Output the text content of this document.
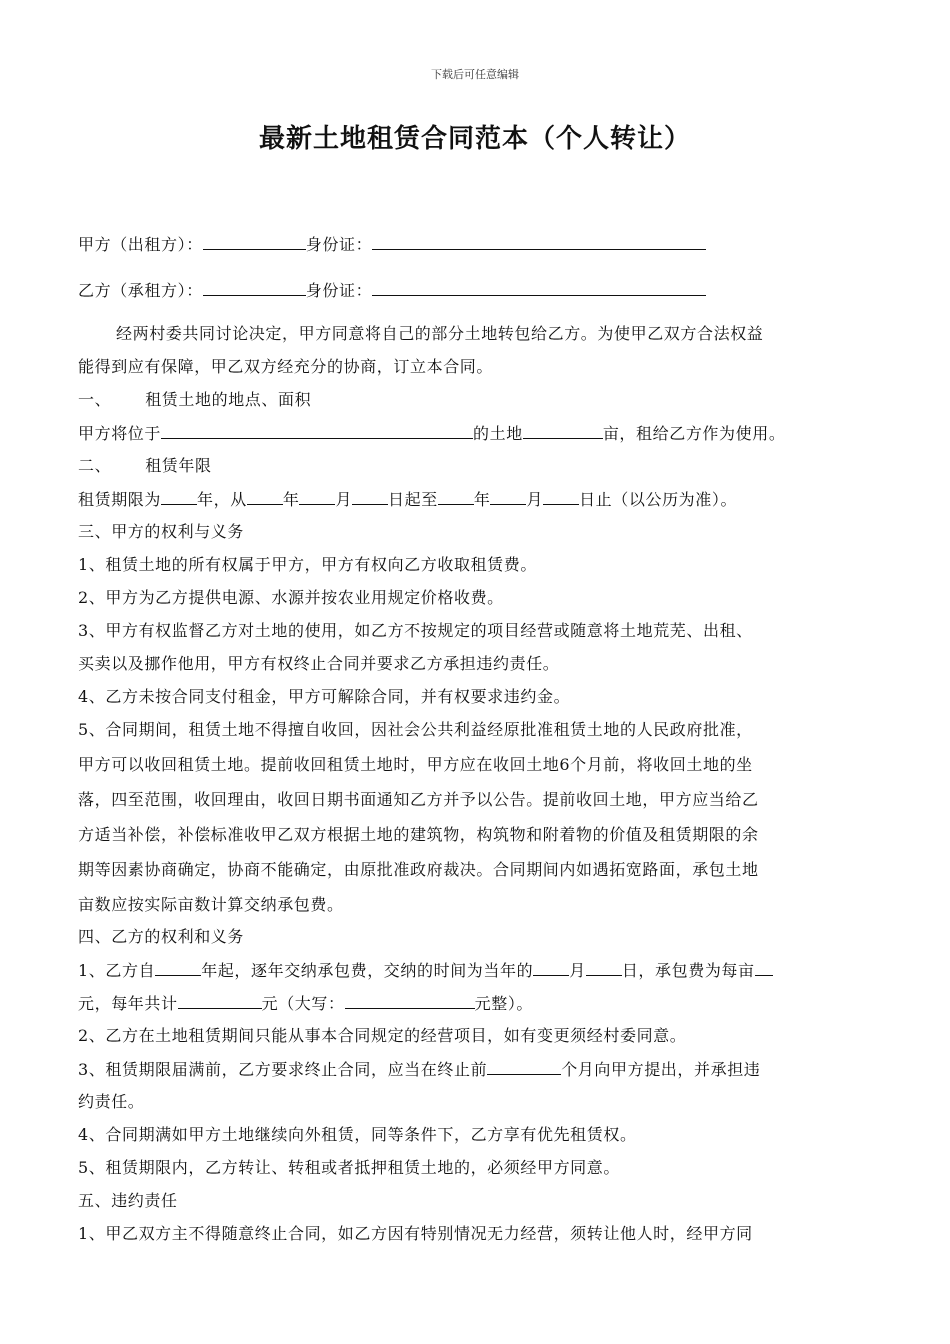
下载后可任意编辑
最新土地租赁合同范本（个人转让）
甲方（出租方）：	身份证：
乙方（承租方）：	身份证：
经两村委共同讨论决定，甲方同意将自己的部分土地转包给乙方。为使甲乙双方合法权益
能得到应有保障，甲乙双方经充分的协商，订立本合同。
一、 租赁土地的地点、面积
甲方将位于	的土地	亩，租给乙方作为使用。
二、 租赁年限
租赁期限为 年，从 年 月 日起至 年 月 日止（以公历为准）。
三、甲方的权利与义务
1、租赁土地的所有权属于甲方，甲方有权向乙方收取租赁费。
2、甲方为乙方提供电源、水源并按农业用规定价格收费。
3、甲方有权监督乙方对土地的使用，如乙方不按规定的项目经营或随意将土地荒芜、出租、
买卖以及挪作他用，甲方有权终止合同并要求乙方承担违约责任。
4、乙方未按合同支付租金，甲方可解除合同，并有权要求违约金。
5、合同期间，租赁土地不得擅自收回，因社会公共利益经原批准租赁土地的人民政府批准，
甲方可以收回租赁土地。提前收回租赁土地时，甲方应在收回土地6个月前，将收回土地的坐
落，四至范围，收回理由，收回日期书面通知乙方并予以公告。提前收回土地，甲方应当给乙
方适当补偿，补偿标准收甲乙双方根据土地的建筑物，构筑物和附着物的价值及租赁期限的余
期等因素协商确定，协商不能确定，由原批准政府裁决。合同期间内如遇拓宽路面，承包土地
亩数应按实际亩数计算交纳承包费。
四、乙方的权利和义务
1、乙方自	年起，逐年交纳承包费，交纳的时间为当年的 月 日，承包费为每亩
元，每年共计	元（大写：	元整）。
2、乙方在土地租赁期间只能从事本合同规定的经营项目，如有变更须经村委同意。
3、租赁期限届满前，乙方要求终止合同，应当在终止前	个月向甲方提出，并承担违
约责任。
4、合同期满如甲方土地继续向外租赁，同等条件下，乙方享有优先租赁权。
5、租赁期限内，乙方转让、转租或者抵押租赁土地的，必须经甲方同意。
五、违约责任
1、甲乙双方主不得随意终止合同，如乙方因有特别情况无力经营，须转让他人时，经甲方同
